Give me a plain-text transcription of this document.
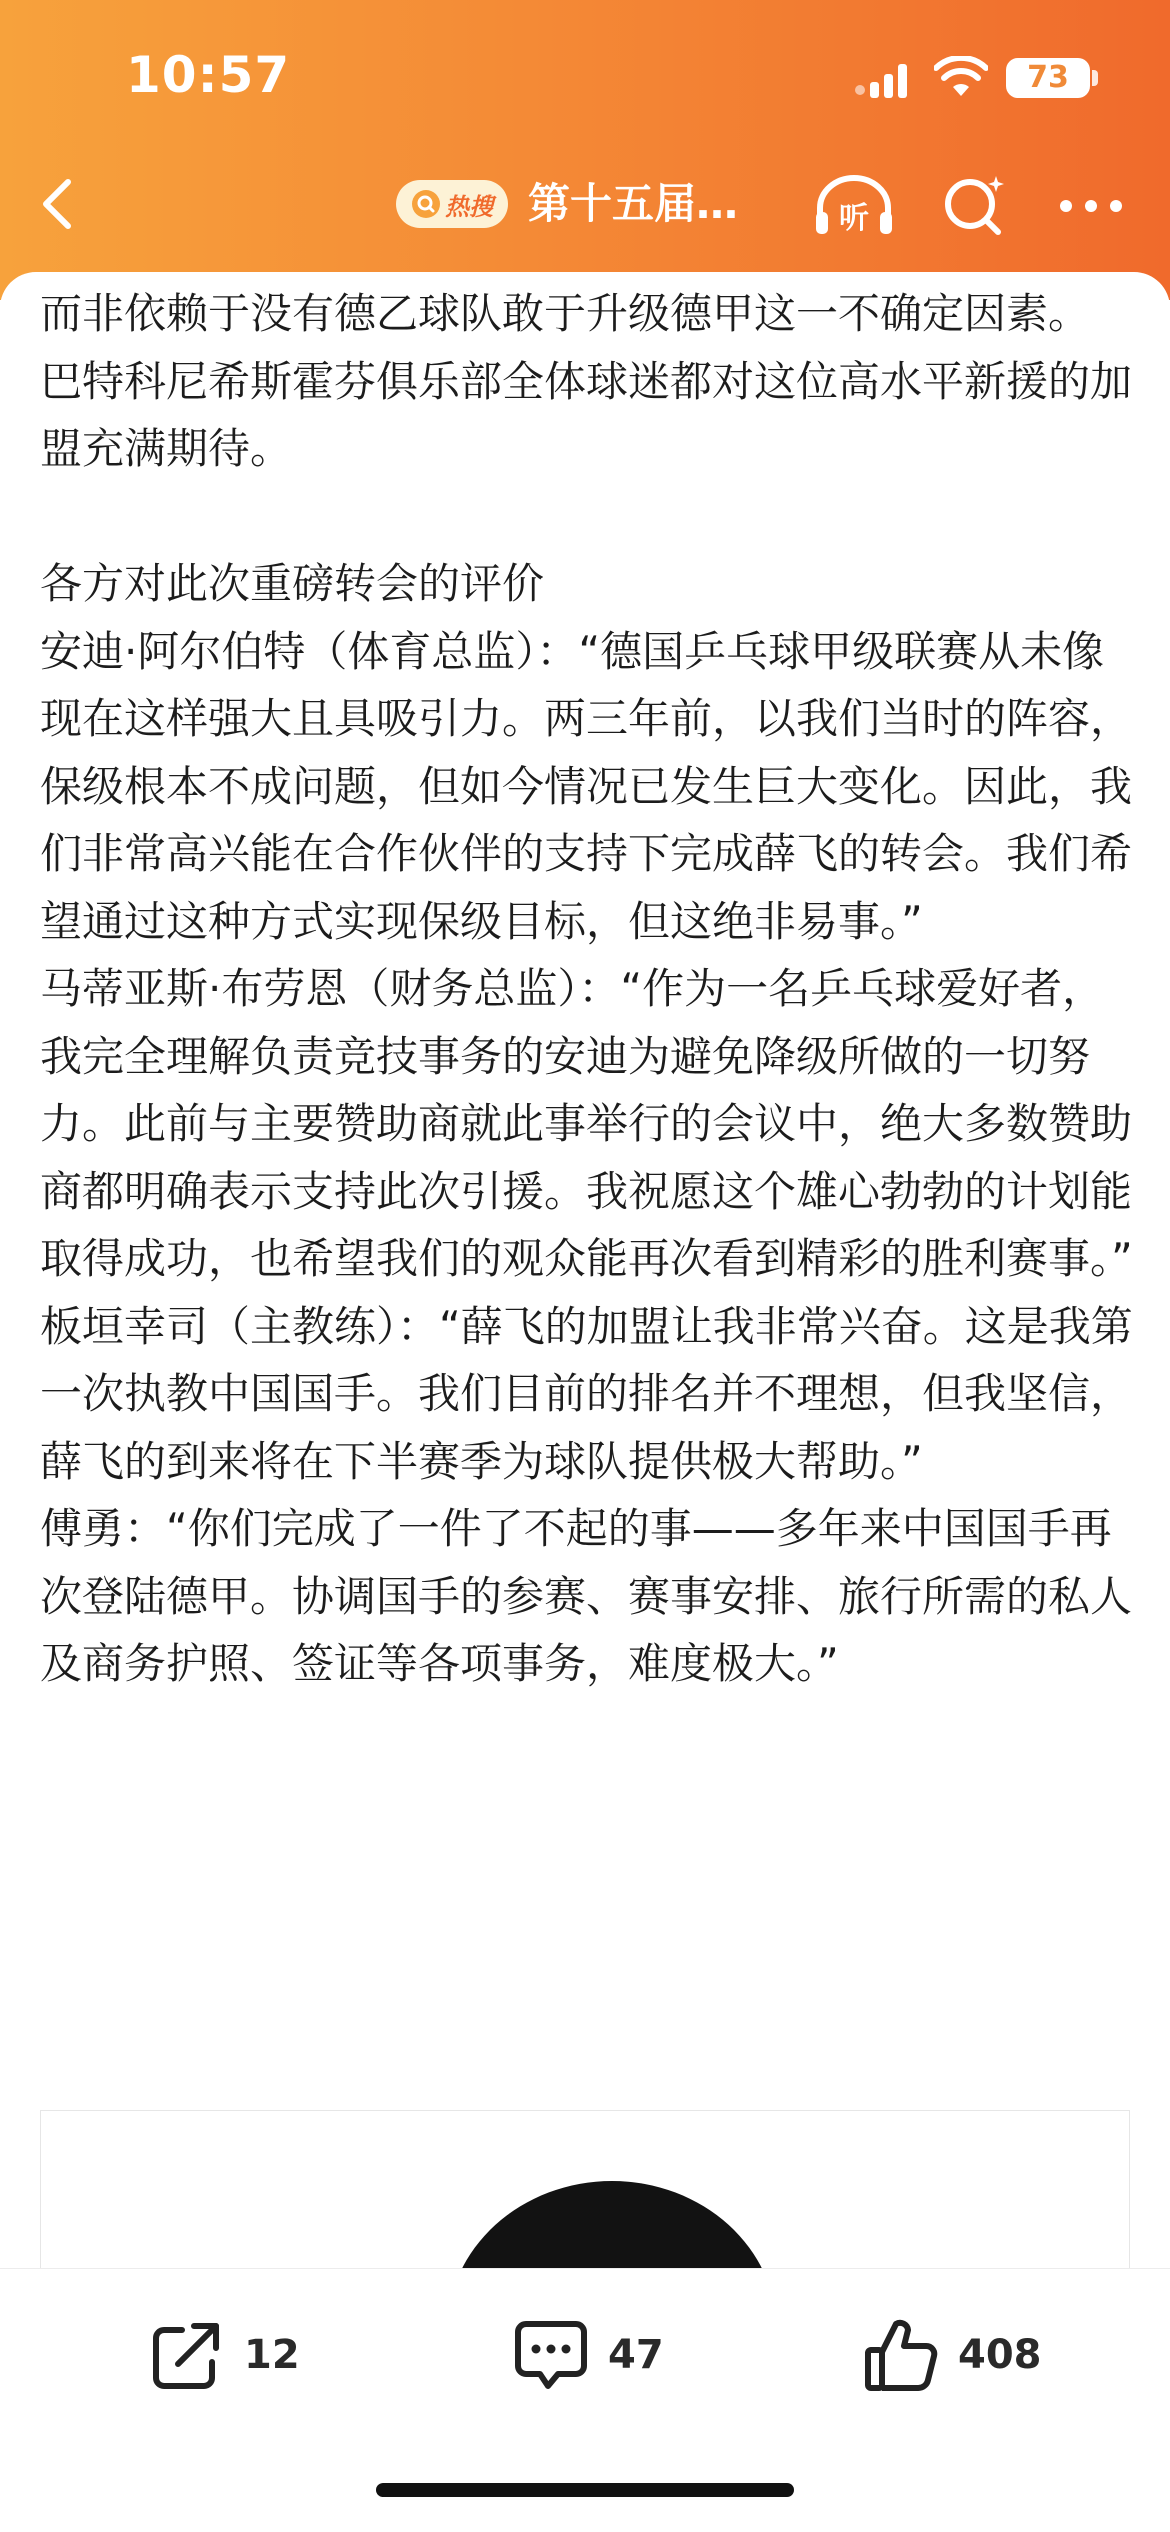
10:57	73
热搜 第十五届…	听
而非依赖于没有德乙球队敢于升级德甲这一不确定因素。
巴特科尼希斯霍芬俱乐部全体球迷都对这位高水平新援的加盟充满期待。
各方对此次重磅转会的评价
安迪·阿尔伯特（体育总监）：“德国乒乓球甲级联赛从未像现在这样强大且具吸引力。两三年前，以我们当时的阵容，保级根本不成问题，但如今情况已发生巨大变化。因此，我们非常高兴能在合作伙伴的支持下完成薛飞的转会。我们希望通过这种方式实现保级目标，但这绝非易事。”
马蒂亚斯·布劳恩（财务总监）：“作为一名乒乓球爱好者，我完全理解负责竞技事务的安迪为避免降级所做的一切努力。此前与主要赞助商就此事举行的会议中，绝大多数赞助商都明确表示支持此次引援。我祝愿这个雄心勃勃的计划能取得成功，也希望我们的观众能再次看到精彩的胜利赛事。”
板垣幸司（主教练）：“薛飞的加盟让我非常兴奋。这是我第一次执教中国国手。我们目前的排名并不理想，但我坚信，薛飞的到来将在下半赛季为球队提供极大帮助。”
傅勇：“你们完成了一件了不起的事——多年来中国国手再次登陆德甲。协调国手的参赛、赛事安排、旅行所需的私人及商务护照、签证等各项事务，难度极大。”
12	47	408
